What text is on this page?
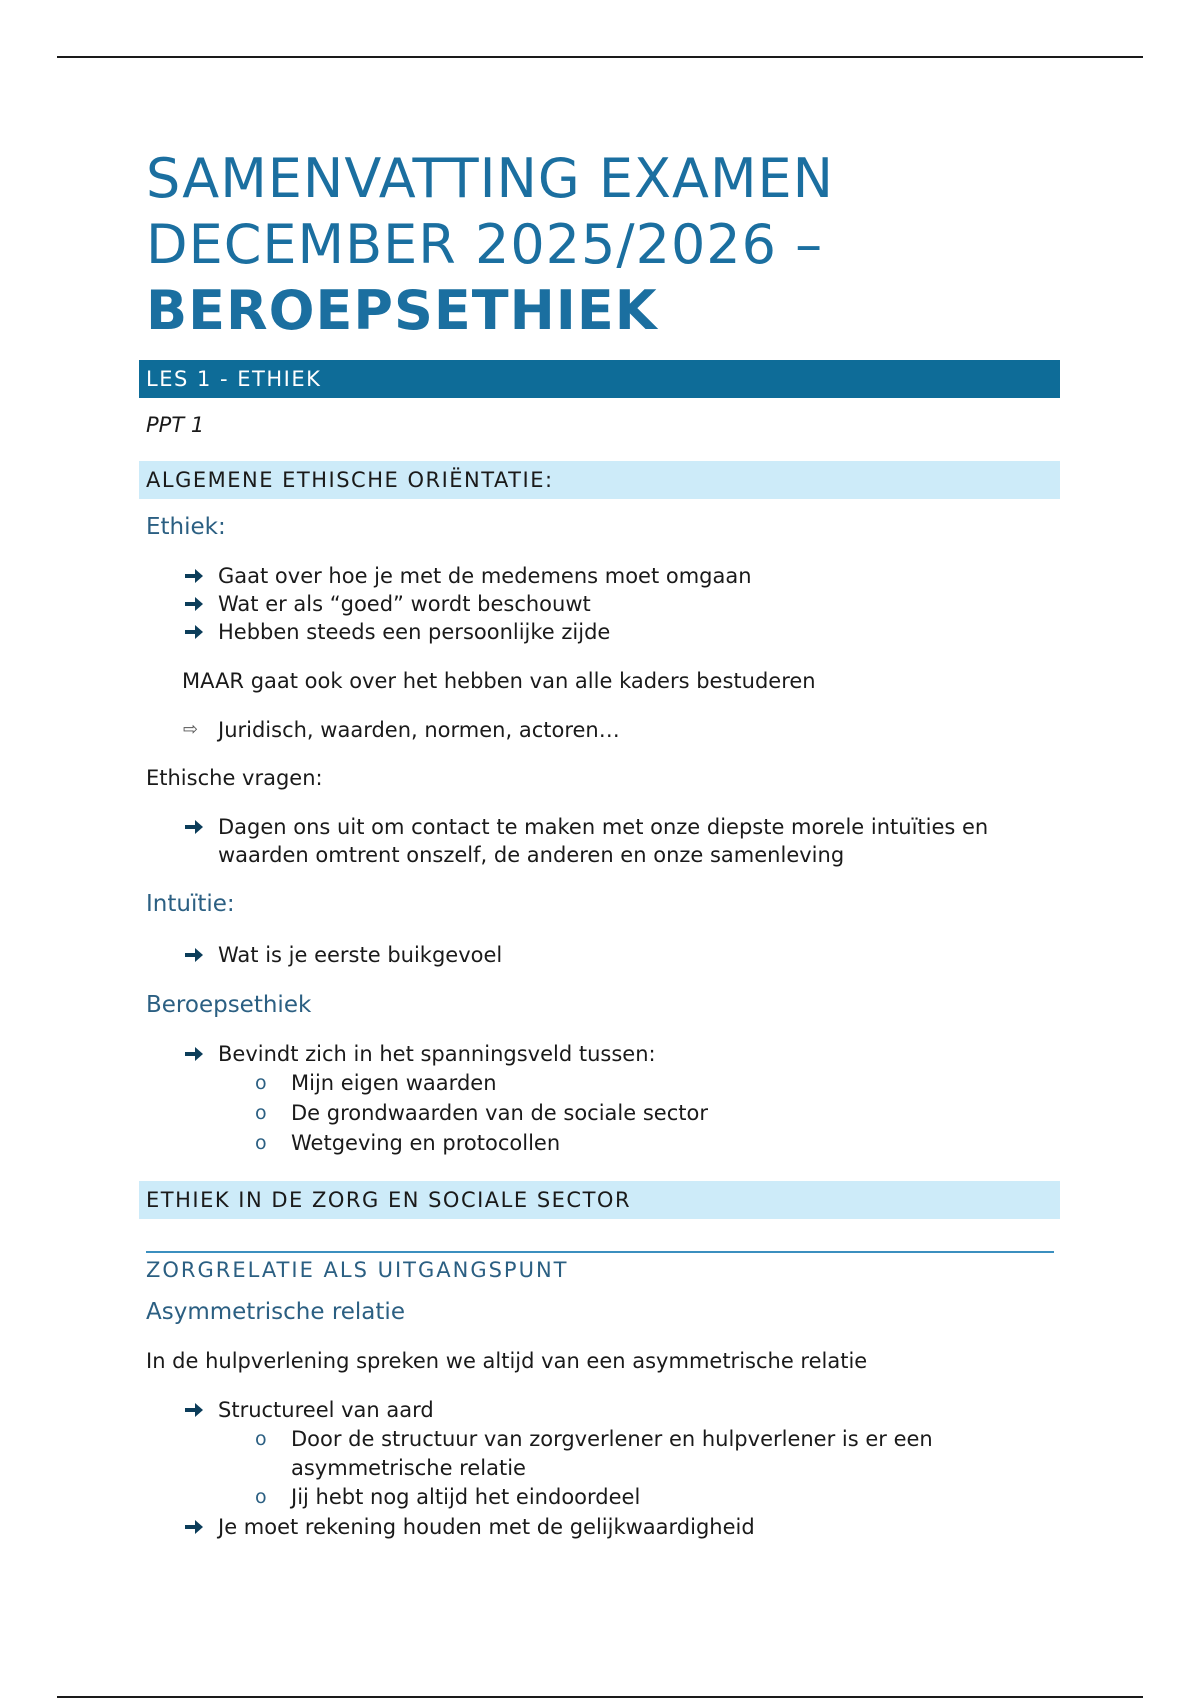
SAMENVATTING EXAMEN
DECEMBER 2025/2026 –
BEROEPSETHIEK
LES 1 - ETHIEK
PPT 1
ALGEMENE ETHISCHE ORIËNTATIE:
Ethiek:
Gaat over hoe je met de medemens moet omgaan
Wat er als “goed” wordt beschouwt
Hebben steeds een persoonlijke zijde
MAAR gaat ook over het hebben van alle kaders bestuderen
⇨ Juridisch, waarden, normen, actoren…
Ethische vragen:
Dagen ons uit om contact te maken met onze diepste morele intuïties en
waarden omtrent onszelf, de anderen en onze samenleving
Intuïtie:
Wat is je eerste buikgevoel
Beroepsethiek
Bevindt zich in het spanningsveld tussen:
o Mijn eigen waarden
o De grondwaarden van de sociale sector
o Wetgeving en protocollen
ETHIEK IN DE ZORG EN SOCIALE SECTOR
ZORGRELATIE ALS UITGANGSPUNT
Asymmetrische relatie
In de hulpverlening spreken we altijd van een asymmetrische relatie
Structureel van aard
o Door de structuur van zorgverlener en hulpverlener is er een
asymmetrische relatie
o Jij hebt nog altijd het eindoordeel
Je moet rekening houden met de gelijkwaardigheid
